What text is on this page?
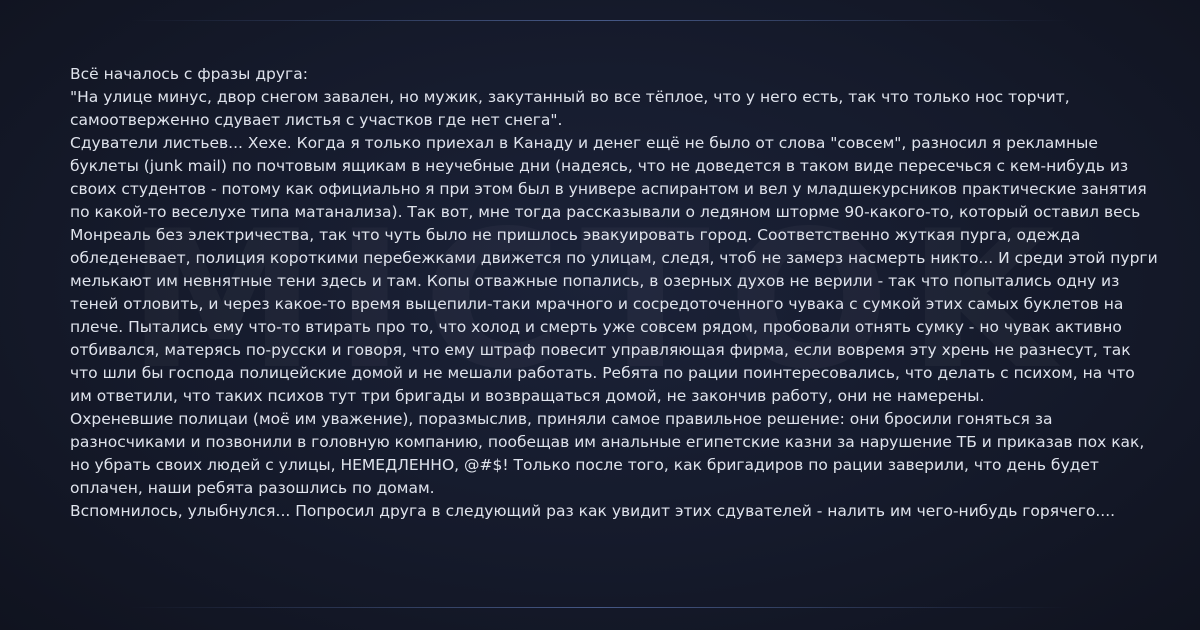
Всё началось с фразы друга:

"На улице минус, двор снегом завален, но мужик, закутанный во все тёплое, что у него есть, так что только нос торчит, самоотверженно сдувает листья с участков где нет снега".

Сдуватели листьев... Хехе. Когда я только приехал в Канаду и денег ещё не было от слова "совсем", разносил я рекламные буклеты (junk mail) по почтовым ящикам в неучебные дни (надеясь, что не доведется в таком виде пересечься с кем-нибудь из своих студентов - потому как официально я при этом был в универе аспирантом и вел у младшекурсников практические занятия по какой-то веселухе типа матанализа). Так вот, мне тогда рассказывали о ледяном шторме 90-какого-то, который оставил весь Монреаль без электричества, так что чуть было не пришлось эвакуировать город. Соответственно жуткая пурга, одежда обледеневает, полиция короткими перебежками движется по улицам, следя, чтоб не замерз насмерть никто... И среди этой пурги мелькают им невнятные тени здесь и там. Копы отважные попались, в озерных духов не верили - так что попытались одну из теней отловить, и через какое-то время выцепили-таки мрачного и сосредоточенного чувака с сумкой этих самых буклетов на плече. Пытались ему что-то втирать про то, что холод и смерть уже совсем рядом, пробовали отнять сумку - но чувак активно отбивался, матерясь по-русски и говоря, что ему штраф повесит управляющая фирма, если вовремя эту хрень не разнесут, так что шли бы господа полицейские домой и не мешали работать. Ребята по рации поинтересовались, что делать с психом, на что им ответили, что таких психов тут три бригады и возвращаться домой, не закончив работу, они не намерены.

Охреневшие полицаи (моё им уважение), поразмыслив, приняли самое правильное решение: они бросили гоняться за разносчиками и позвонили в головную компанию, пообещав им анальные египетские казни за нарушение ТБ и приказав пох как, но убрать своих людей с улицы, НЕМЕДЛЕННО, @#$! Только после того, как бригадиров по рации заверили, что день будет оплачен, наши ребята разошлись по домам.

Вспомнилось, улыбнулся... Попросил друга в следующий раз как увидит этих сдувателей - налить им чего-нибудь горячего....
